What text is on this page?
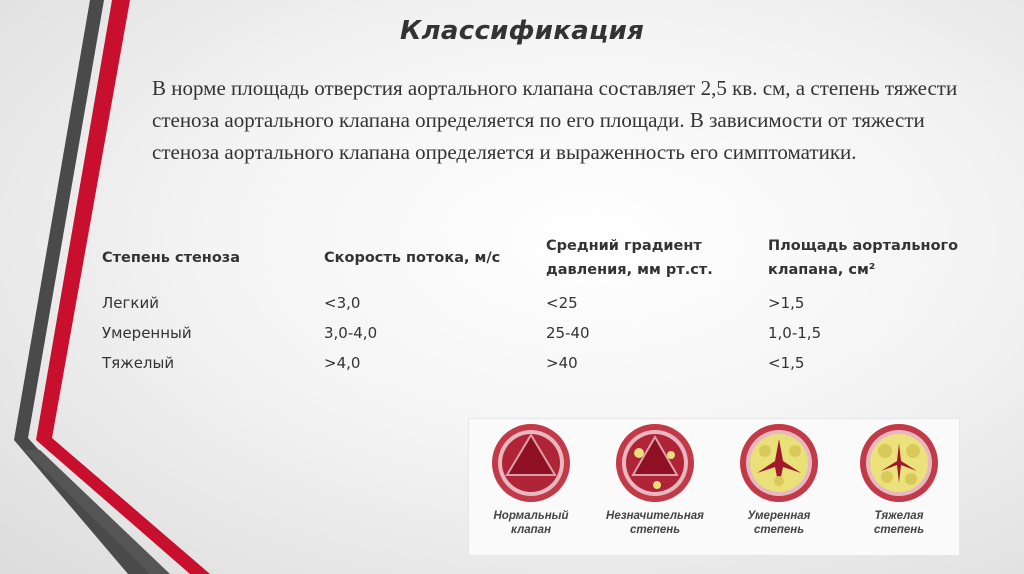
Классификация

В норме площадь отверстия аортального клапана составляет 2,5 кв. см, а степень тяжести стеноза аортального клапана определяется по его площади. В зависимости от тяжести стеноза аортального клапана определяется и выраженность его симптоматики.

Степень стеноза	Скорость потока, м/с	Средний градиент давления, мм рт.ст.	Площадь аортального клапана, см²
Легкий	<3,0	<25	>1,5
Умеренный	3,0-4,0	25-40	1,0-1,5
Тяжелый	>4,0	>40	<1,5
Нормальный
клапан
Незначительная
степень
Умеренная
степень
Тяжелая
степень
